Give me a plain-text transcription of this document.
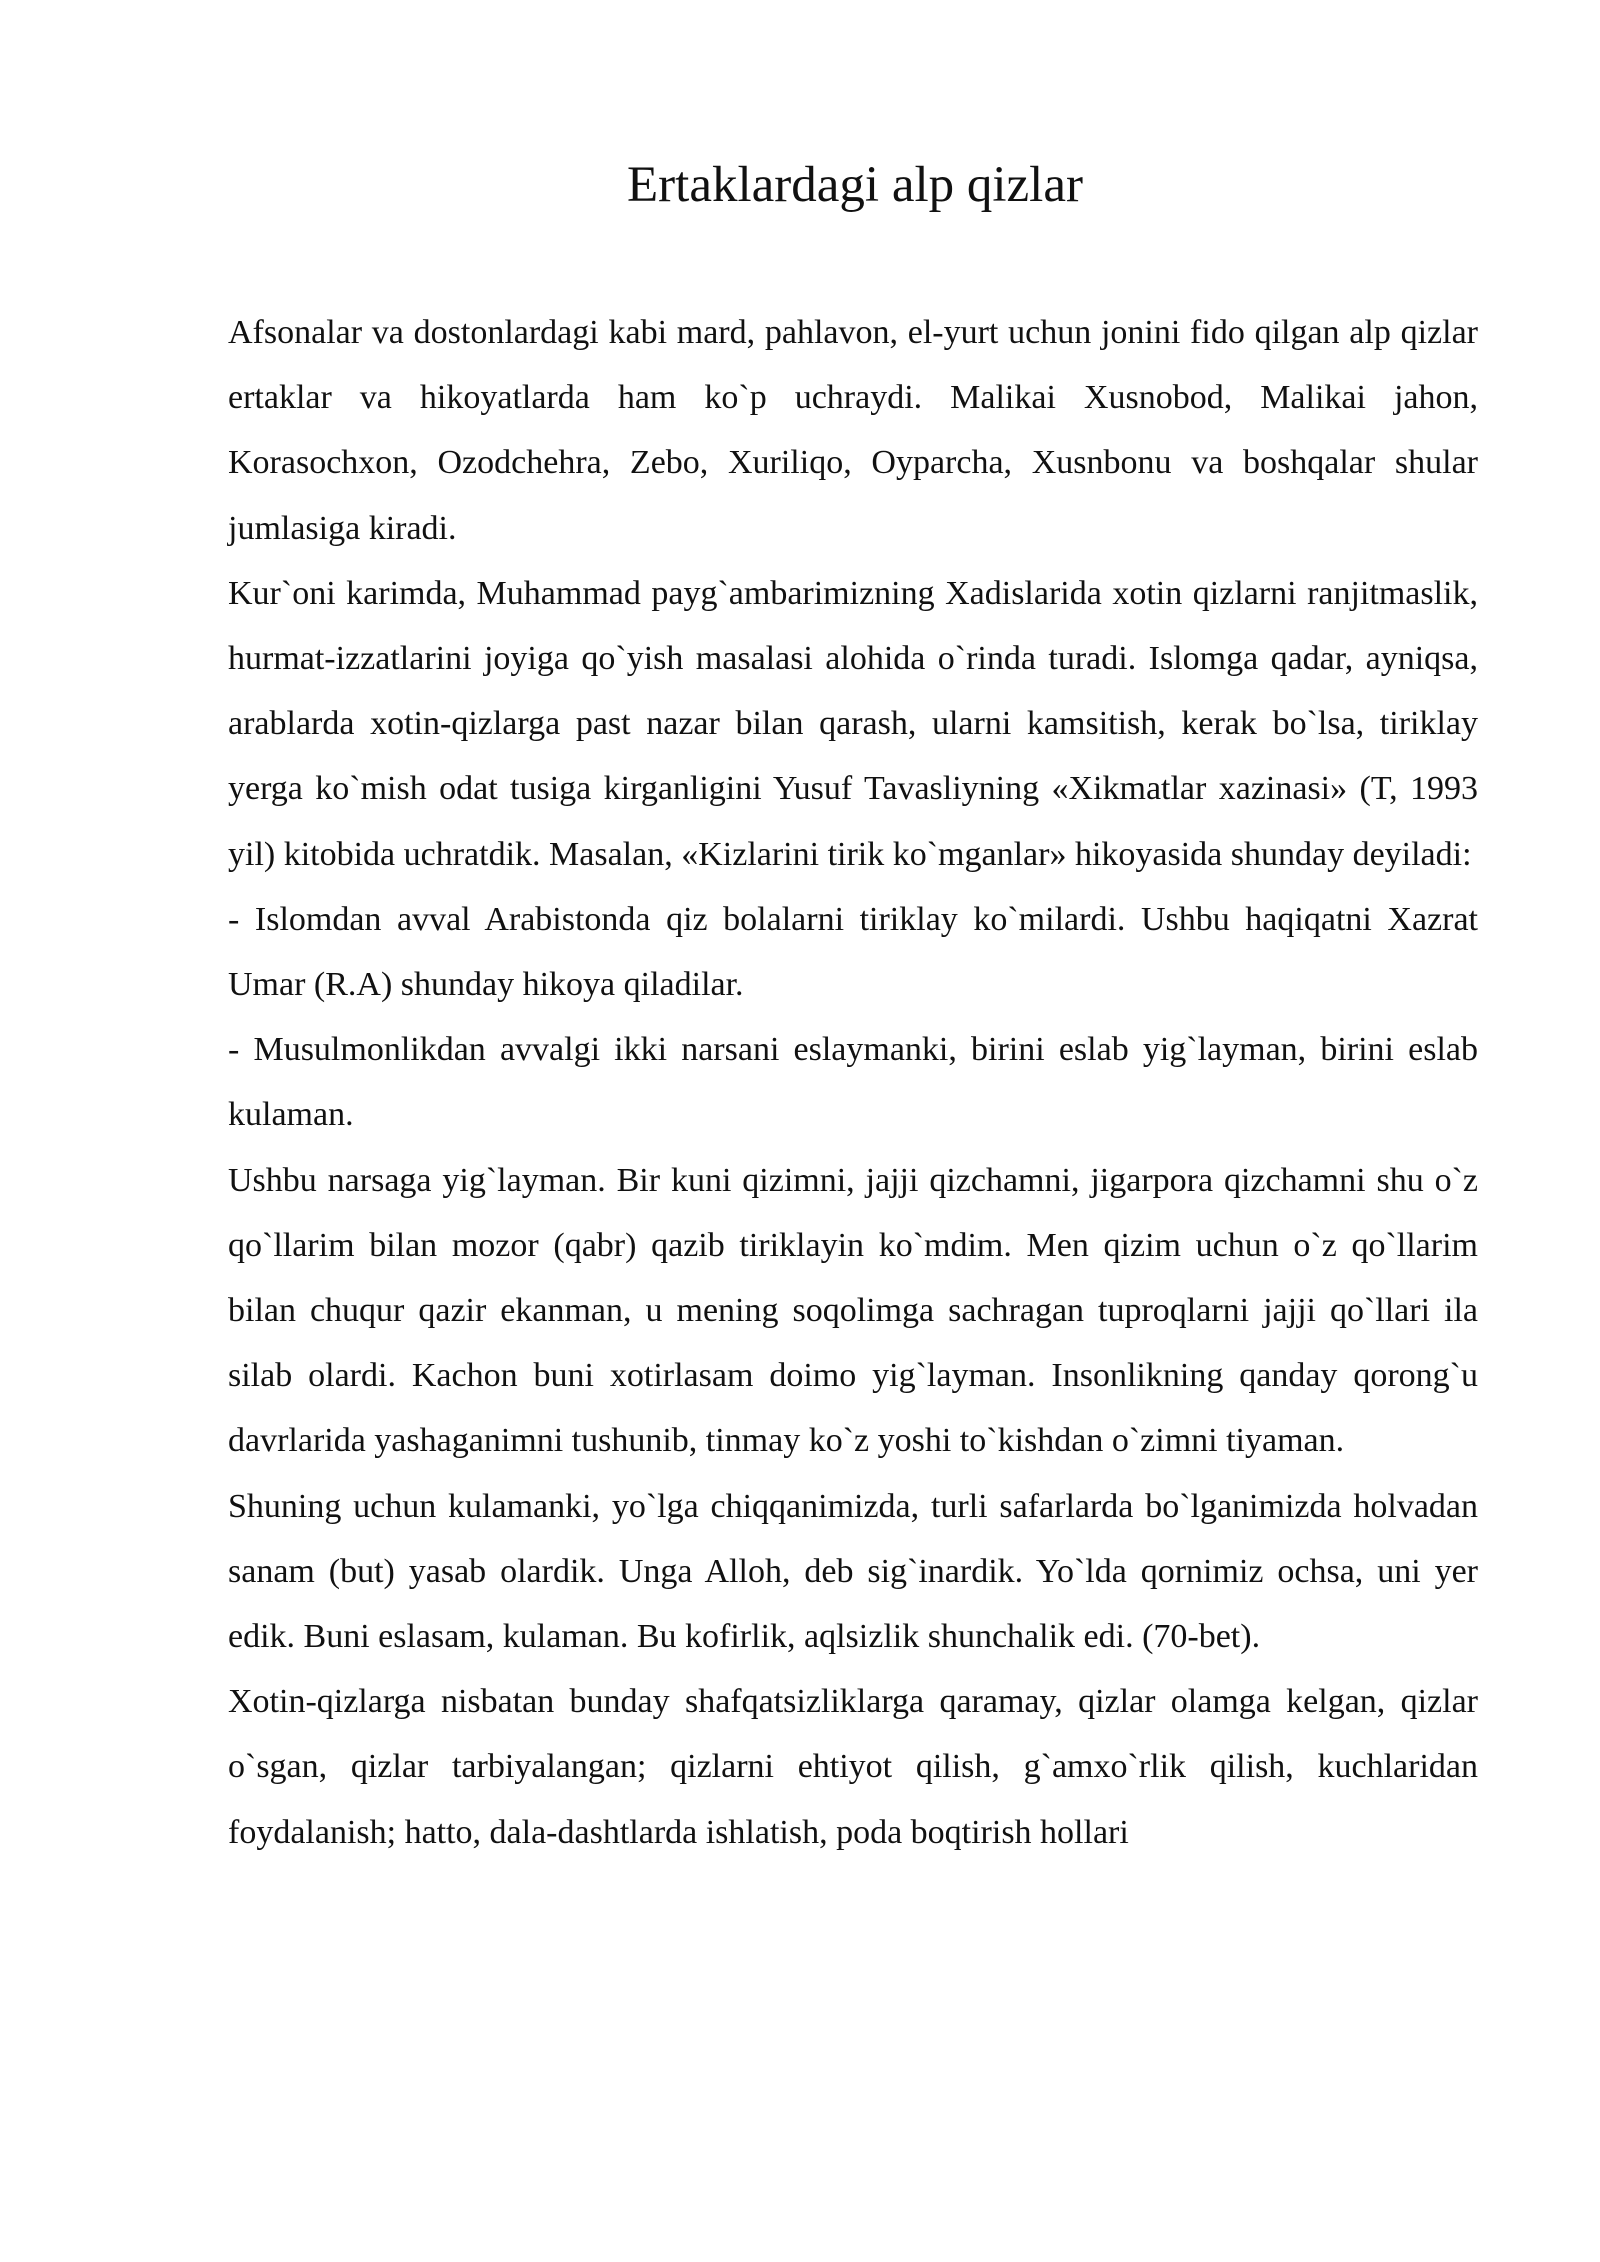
Ertaklardagi alp qizlar

Afsonalar va dostonlardagi kabi mard, pahlavon, el-yurt uchun jonini fido qilgan alp qizlar ertaklar va hikoyatlarda ham ko`p uchraydi. Malikai Xusnobod, Malikai jahon, Korasochxon, Ozodchehra, Zebo, Xuriliqo, Oyparcha, Xusnbonu va boshqalar shular jumlasiga kiradi.

Kur`oni karimda, Muhammad payg`ambarimizning Xadislarida xotin qizlarni ranjitmaslik, hurmat-izzatlarini joyiga qo`yish masalasi alohida o`rinda turadi. Islomga qadar, ayniqsa, arablarda xotin-qizlarga past nazar bilan qarash, ularni kamsitish, kerak bo`lsa, tiriklay yerga ko`mish odat tusiga kirganligini Yusuf Tavasliyning «Xikmatlar xazinasi» (T, 1993 yil) kitobida uchratdik. Masalan, «Kizlarini tirik ko`mganlar» hikoyasida shunday deyiladi:

- Islomdan avval Arabistonda qiz bolalarni tiriklay ko`milardi. Ushbu haqiqatni Xazrat Umar (R.A) shunday hikoya qiladilar.

- Musulmonlikdan avvalgi ikki narsani eslaymanki, birini eslab yig`layman, birini eslab kulaman.

Ushbu narsaga yig`layman. Bir kuni qizimni, jajji qizchamni, jigarpora qizchamni shu o`z qo`llarim bilan mozor (qabr) qazib tiriklayin ko`mdim. Men qizim uchun o`z qo`llarim bilan chuqur qazir ekanman, u mening soqolimga sachragan tuproqlarni jajji qo`llari ila silab olardi. Kachon buni xotirlasam doimo yig`layman. Insonlikning qanday qorong`u davrlarida yashaganimni tushunib, tinmay ko`z yoshi to`kishdan o`zimni tiyaman.

Shuning uchun kulamanki, yo`lga chiqqanimizda, turli safarlarda bo`lganimizda holvadan sanam (but) yasab olardik. Unga Alloh, deb sig`inardik. Yo`lda qornimiz ochsa, uni yer edik. Buni eslasam, kulaman. Bu kofirlik, aqlsizlik shunchalik edi. (70-bet).

Xotin-qizlarga nisbatan bunday shafqatsizliklarga qaramay, qizlar olamga kelgan, qizlar o`sgan, qizlar tarbiyalangan; qizlarni ehtiyot qilish, g`amxo`rlik qilish, kuchlaridan foydalanish; hatto, dala-dashtlarda ishlatish, poda boqtirish hollari
